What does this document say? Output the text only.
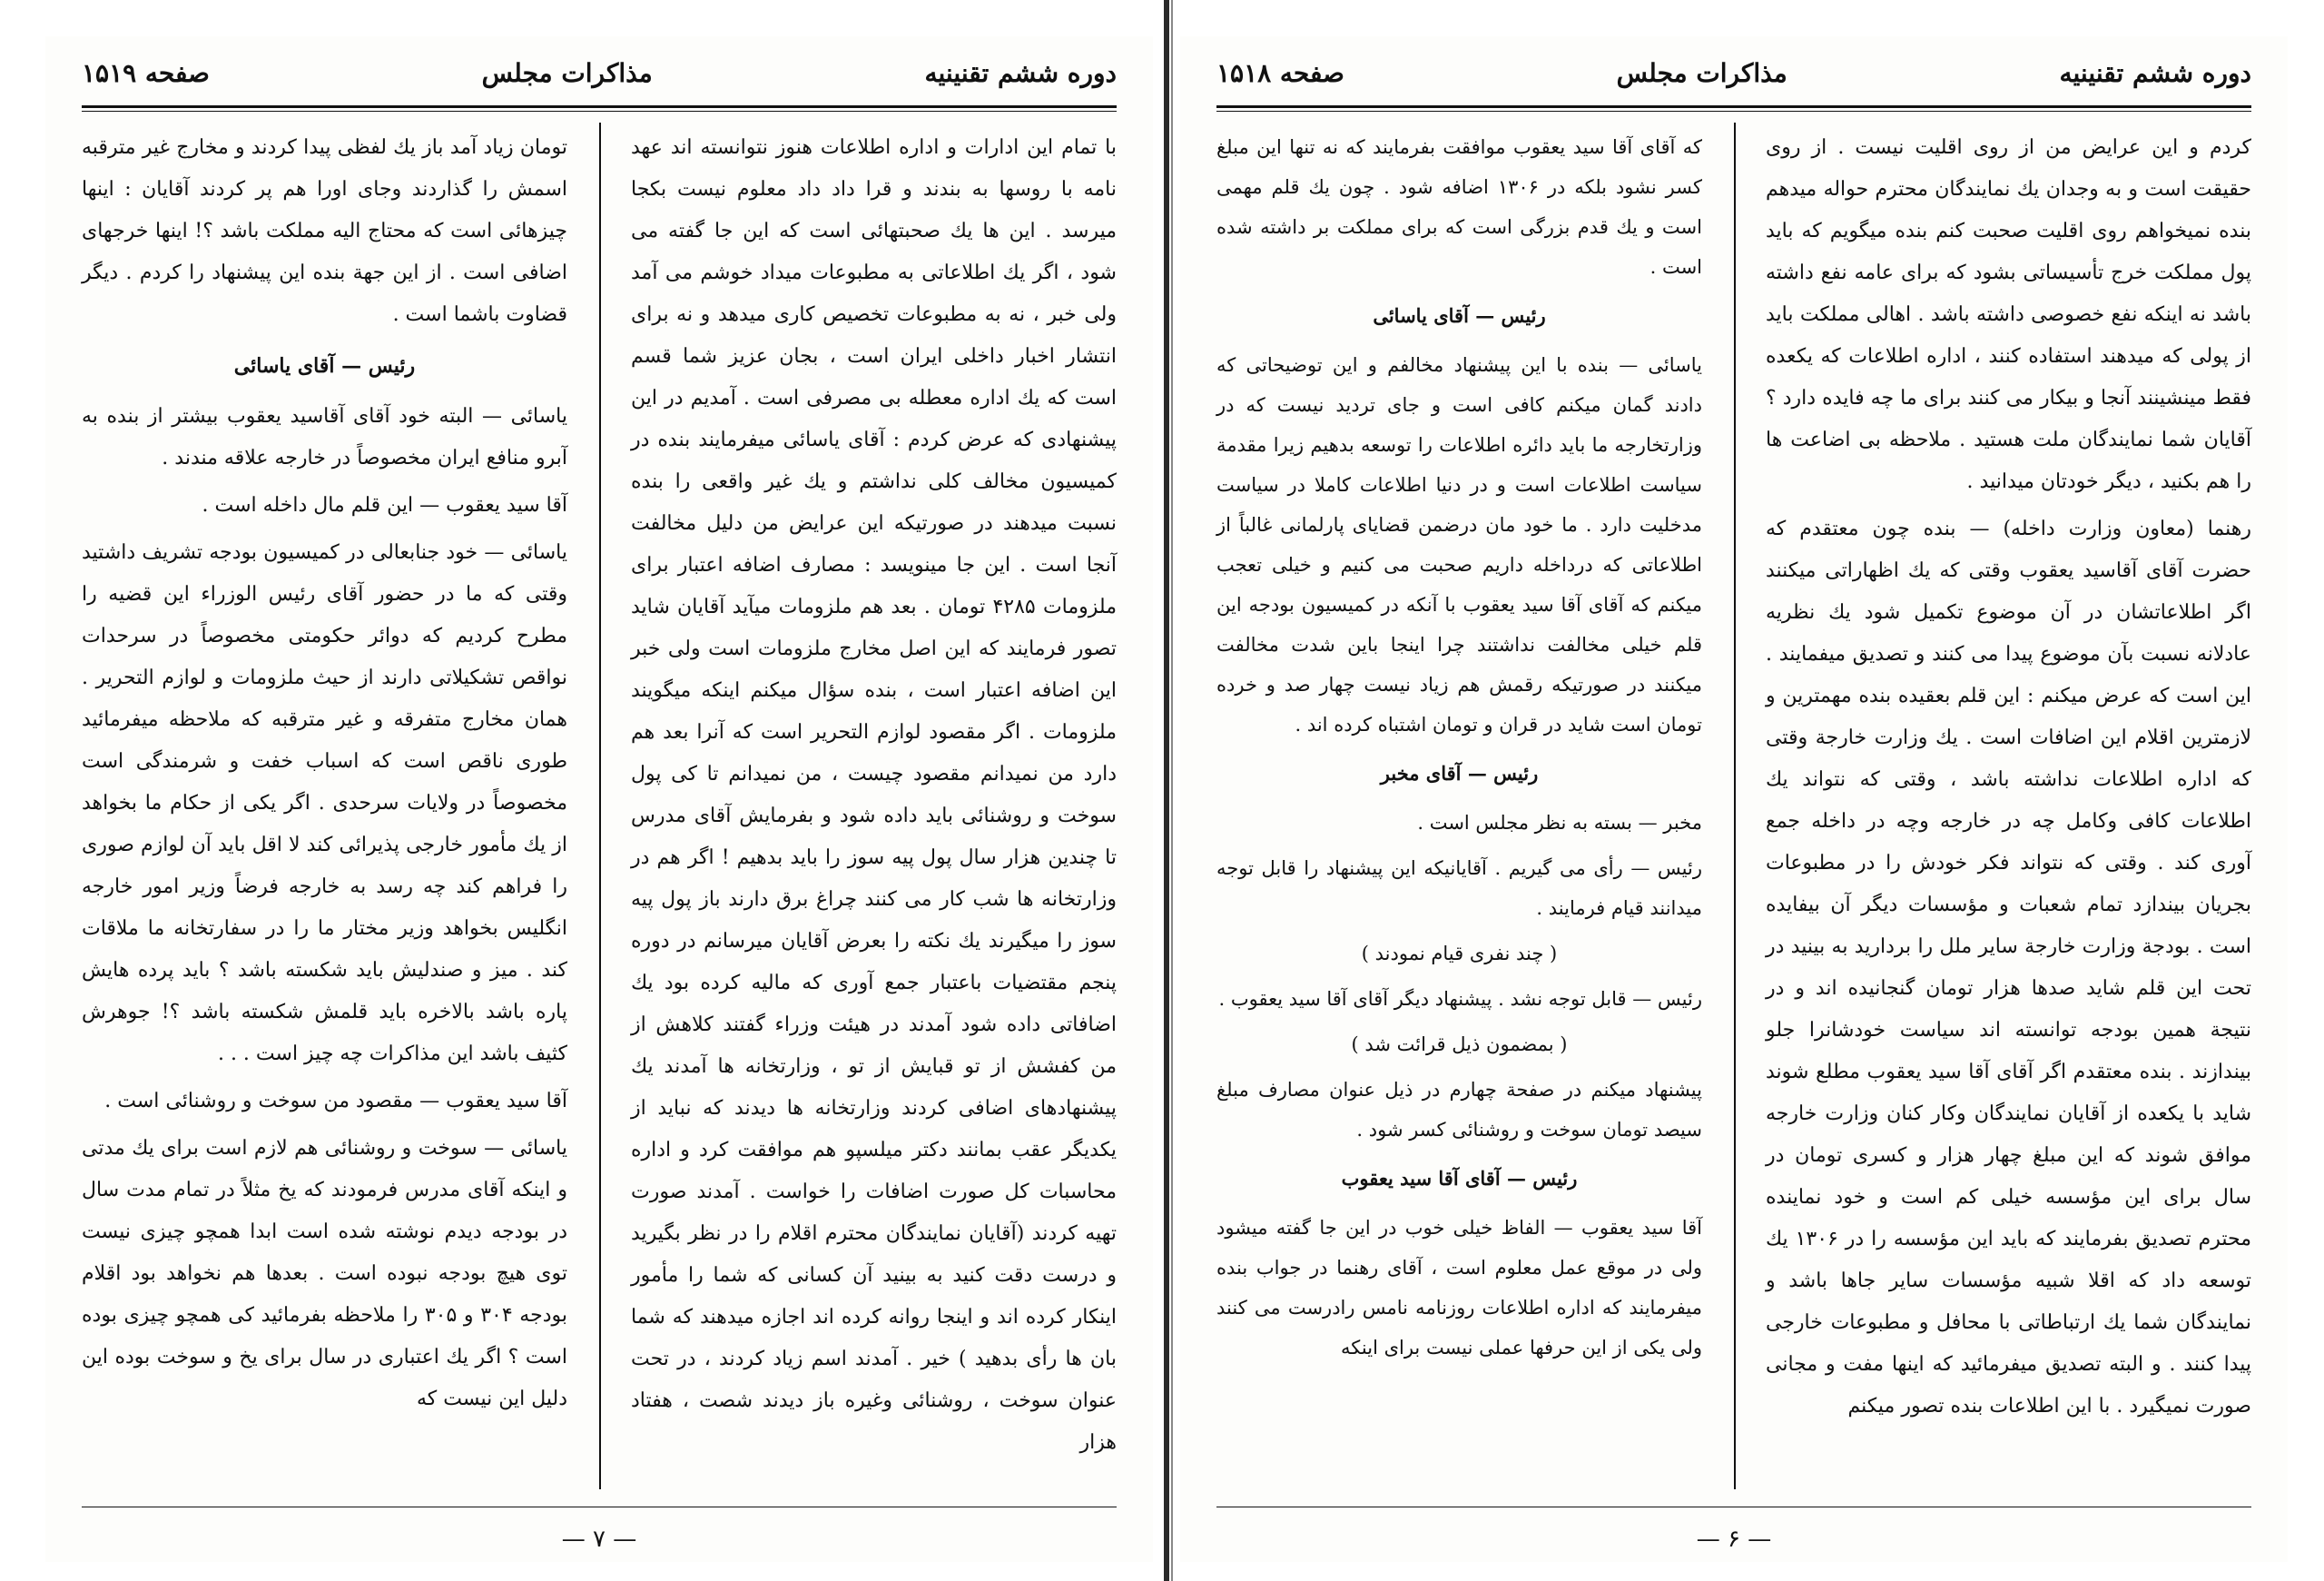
صفحه ۱۵۱۹	مذاکرات مجلس	دوره ششم تقنینیه

با تمام این ادارات و اداره اطلاعات هنوز نتوانسته اند عهد نامه با روسها به بندند و قرا داد داد معلوم نیست بکجا میرسد . این ها یك صحبتهائی است که این جا گفته می شود ، اگر یك اطلاعاتی به مطبوعات میداد خوشم می آمد ولی خبر ، نه به مطبوعات تخصیص کاری میدهد و نه برای انتشار اخبار داخلی ایران است ، بجان عزیز شما قسم است که یك اداره معطله بی مصرفی است . آمدیم در این پیشنهادی که عرض کردم : آقای یاسائی میفرمایند بنده در کمیسیون مخالف کلی نداشتم و یك غیر واقعی را بنده نسبت میدهند در صورتیکه این عرایض من دلیل مخالفت آنجا است . این جا مینویسد : مصارف اضافه اعتبار برای ملزومات ۴۲۸۵ تومان . بعد هم ملزومات میآید آقایان شاید تصور فرمایند که این اصل مخارج ملزومات است ولی خبر این اضافه اعتبار است ، بنده سؤال میکنم اینکه میگویند ملزومات . اگر مقصود لوازم التحریر است که آنرا بعد هم دارد من نمیدانم مقصود چیست ، من نمیدانم تا کی پول سوخت و روشنائی باید داده شود و بفرمایش آقای مدرس تا چندین هزار سال پول پیه سوز را باید بدهیم ! اگر هم در وزارتخانه ها شب کار می کنند چراغ برق دارند باز پول پیه سوز را میگیرند یك نکته را بعرض آقایان میرسانم در دوره پنجم مقتضیات باعتبار جمع آوری که مالیه کرده بود یك اضافاتی داده شود آمدند در هیئت وزراء گفتند کلاهش از من کفشش از تو قبایش از تو ، وزارتخانه ها آمدند یك پیشنهادهای اضافی کردند وزارتخانه ها دیدند که نباید از یکدیگر عقب بمانند دکتر میلسپو هم موافقت کرد و اداره محاسبات کل صورت اضافات را خواست . آمدند صورت تهیه کردند (آقایان نمایندگان محترم اقلام را در نظر بگیرید و درست دقت کنید به بینید آن کسانی که شما را مأمور اینکار کرده اند و اینجا روانه کرده اند اجازه میدهند که شما بان ها رأی بدهید ) خیر . آمدند اسم زیاد کردند ، در تحت عنوان سوخت ، روشنائی وغیره باز دیدند شصت ، هفتاد هزار

تومان زیاد آمد باز یك لفظی پیدا کردند و مخارج غیر مترقبه اسمش را گذاردند وجای اورا هم پر کردند آقایان : اینها چیزهائی است که محتاج الیه مملکت باشد ؟! اینها خرجهای اضافی است . از این جهة بنده این پیشنهاد را کردم . دیگر قضاوت باشما است .

رئیس — آقای یاسائی

یاسائی — البته خود آقای آقاسید یعقوب بیشتر از بنده به آبرو منافع ایران مخصوصاً در خارجه علاقه مندند .

آقا سید یعقوب — این قلم مال داخله است .

یاسائی — خود جنابعالی در کمیسیون بودجه تشریف داشتید وقتی که ما در حضور آقای رئیس الوزراء این قضیه را مطرح کردیم که دوائر حکومتی مخصوصاً در سرحدات نواقص تشکیلاتی دارند از حیث ملزومات و لوازم التحریر . همان مخارج متفرقه و غیر مترقبه که ملاحظه میفرمائید طوری ناقص است که اسباب خفت و شرمندگی است مخصوصاً در ولایات سرحدی . اگر یکی از حکام ما بخواهد از یك مأمور خارجی پذیرائی کند لا اقل باید آن لوازم صوری را فراهم کند چه رسد به خارجه فرضاً وزیر امور خارجه انگلیس بخواهد وزیر مختار ما را در سفارتخانه ما ملاقات کند . میز و صندلیش باید شکسته باشد ؟ باید پرده هایش پاره باشد بالاخره باید قلمش شکسته باشد ؟! جوهرش کثیف باشد این مذاکرات چه چیز است . . .

آقا سید یعقوب — مقصود من سوخت و روشنائی است .

یاسائی — سوخت و روشنائی هم لازم است برای یك مدتی و اینکه آقای مدرس فرمودند که یخ مثلاً در تمام مدت سال در بودجه دیدم نوشته شده است ابدا همچو چیزی نیست توی هیچ بودجه نبوده است . بعدها هم نخواهد بود اقلام بودجه ۳۰۴ و ۳۰۵ را ملاحظه بفرمائید کی همچو چیزی بوده است ؟ اگر یك اعتباری در سال برای یخ و سوخت بوده این دلیل این نیست که

— ۷ —
صفحه ۱۵۱۸	مذاکرات مجلس	دوره ششم تقنینیه

کردم و این عرایض من از روی اقلیت نیست . از روی حقیقت است و به وجدان یك نمایندگان محترم حواله میدهم بنده نمیخواهم روی اقلیت صحبت کنم بنده میگویم که باید پول مملکت خرج تأسیساتی بشود که برای عامه نفع داشته باشد نه اینکه نفع خصوصی داشته باشد . اهالی مملکت باید از پولی که میدهند استفاده کنند ، اداره اطلاعات که یکعده فقط مینشینند آنجا و بیکار می کنند برای ما چه فایده دارد ؟ آقایان شما نمایندگان ملت هستید . ملاحظه بی اضاعت ها را هم بکنید ، دیگر خودتان میدانید .

رهنما (معاون وزارت داخله) — بنده چون معتقدم که حضرت آقای آقاسید یعقوب وقتی که یك اظهاراتی میکنند اگر اطلاعاتشان در آن موضوع تکمیل شود یك نظریه عادلانه نسبت بآن موضوع پیدا می کنند و تصدیق میفمایند . این است که عرض میکنم : این قلم بعقیده بنده مهمترین و لازمترین اقلام این اضافات است . یك وزارت خارجة وقتی که اداره اطلاعات نداشته باشد ، وقتی که نتواند یك اطلاعات کافی وکامل چه در خارجه وچه در داخله جمع آوری کند . وقتی که نتواند فکر خودش را در مطبوعات بجریان بیندازد تمام شعبات و مؤسسات دیگر آن بیفایده است . بودجة وزارت خارجة سایر ملل را بردارید به بینید در تحت این قلم شاید صدها هزار تومان گنجانیده اند و در نتیجة همین بودجه توانسته اند سیاست خودشانرا جلو بیندازند . بنده معتقدم اگر آقای آقا سید یعقوب مطلع شوند شاید با یکعده از آقایان نمایندگان وکار کنان وزارت خارجه موافق شوند که این مبلغ چهار هزار و کسری تومان در سال برای این مؤسسه خیلی کم است و خود نماینده محترم تصدیق بفرمایند که باید این مؤسسه را در ۱۳۰۶ یك توسعه داد که اقلا شبیه مؤسسات سایر جاها باشد و نمایندگان شما یك ارتباطاتی با محافل و مطبوعات خارجی پیدا کنند . و البته تصدیق میفرمائید که اینها مفت و مجانی صورت نمیگیرد . با این اطلاعات بنده تصور میکنم

که آقای آقا سید یعقوب موافقت بفرمایند که نه تنها این مبلغ کسر نشود بلکه در ۱۳۰۶ اضافه شود . چون یك قلم مهمی است و یك قدم بزرگی است که برای مملکت بر داشته شده است .

رئیس — آقای یاسائی

یاسائی — بنده با این پیشنهاد مخالفم و این توضیحاتی که دادند گمان میکنم کافی است و جای تردید نیست که در وزارتخارجه ما باید دائره اطلاعات را توسعه بدهیم زیرا مقدمة سیاست اطلاعات است و در دنیا اطلاعات کاملا در سیاست مدخلیت دارد . ما خود مان درضمن قضایای پارلمانی غالباً از اطلاعاتی که درداخله داریم صحبت می کنیم و خیلی تعجب میکنم که آقای آقا سید یعقوب با آنکه در کمیسیون بودجه این قلم خیلی مخالفت نداشتند چرا اینجا باین شدت مخالفت میکنند در صورتیکه رقمش هم زیاد نیست چهار صد و خرده تومان است شاید در قران و تومان اشتباه کرده اند .

رئیس — آقای مخبر

مخبر — بسته به نظر مجلس است .

رئیس — رأی می گیریم . آقایانیکه این پیشنهاد را قابل توجه میدانند قیام فرمایند .

( چند نفری قیام نمودند )

رئیس — قابل توجه نشد . پیشنهاد دیگر آقای آقا سید یعقوب .

( بمضمون ذیل قرائت شد )

پیشنهاد میکنم در صفحة چهارم در ذیل عنوان مصارف مبلغ سیصد تومان سوخت و روشنائی کسر شود .

رئیس — آقای آقا سید یعقوب

آقا سید یعقوب — الفاظ خیلی خوب در این جا گفته میشود ولی در موقع عمل معلوم است ، آقای رهنما در جواب بنده میفرمایند که اداره اطلاعات روزنامه نامس رادرست می کنند ولی یکی از این حرفها عملی نیست برای اینکه

— ۶ —
